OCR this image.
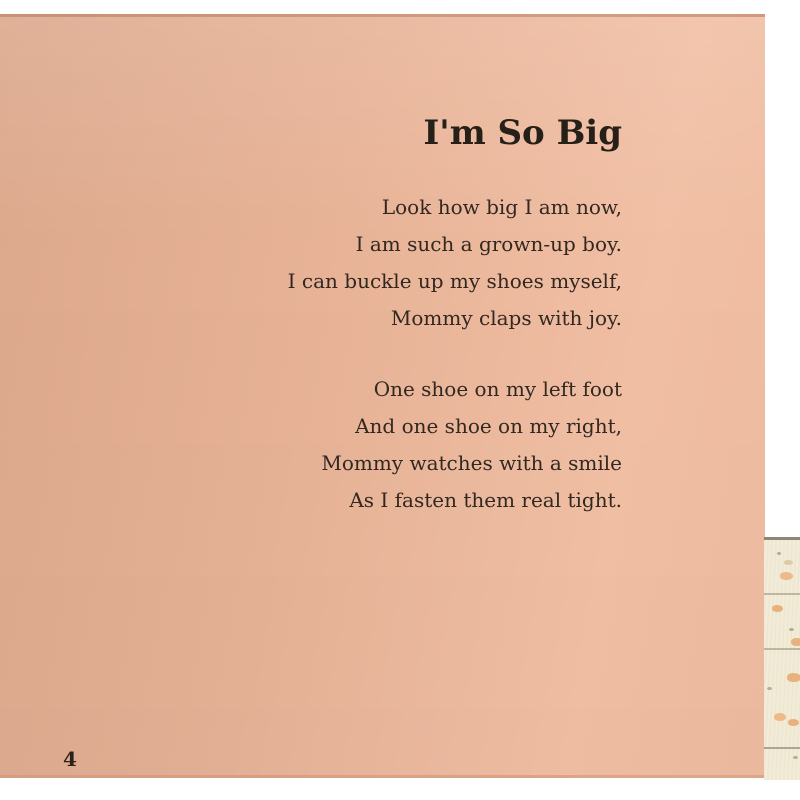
I'm So Big
Look how big I am now,
I am such a grown-up boy.
I can buckle up my shoes myself,
Mommy claps with joy.
One shoe on my left foot
And one shoe on my right,
Mommy watches with a smile
As I fasten them real tight.
4
